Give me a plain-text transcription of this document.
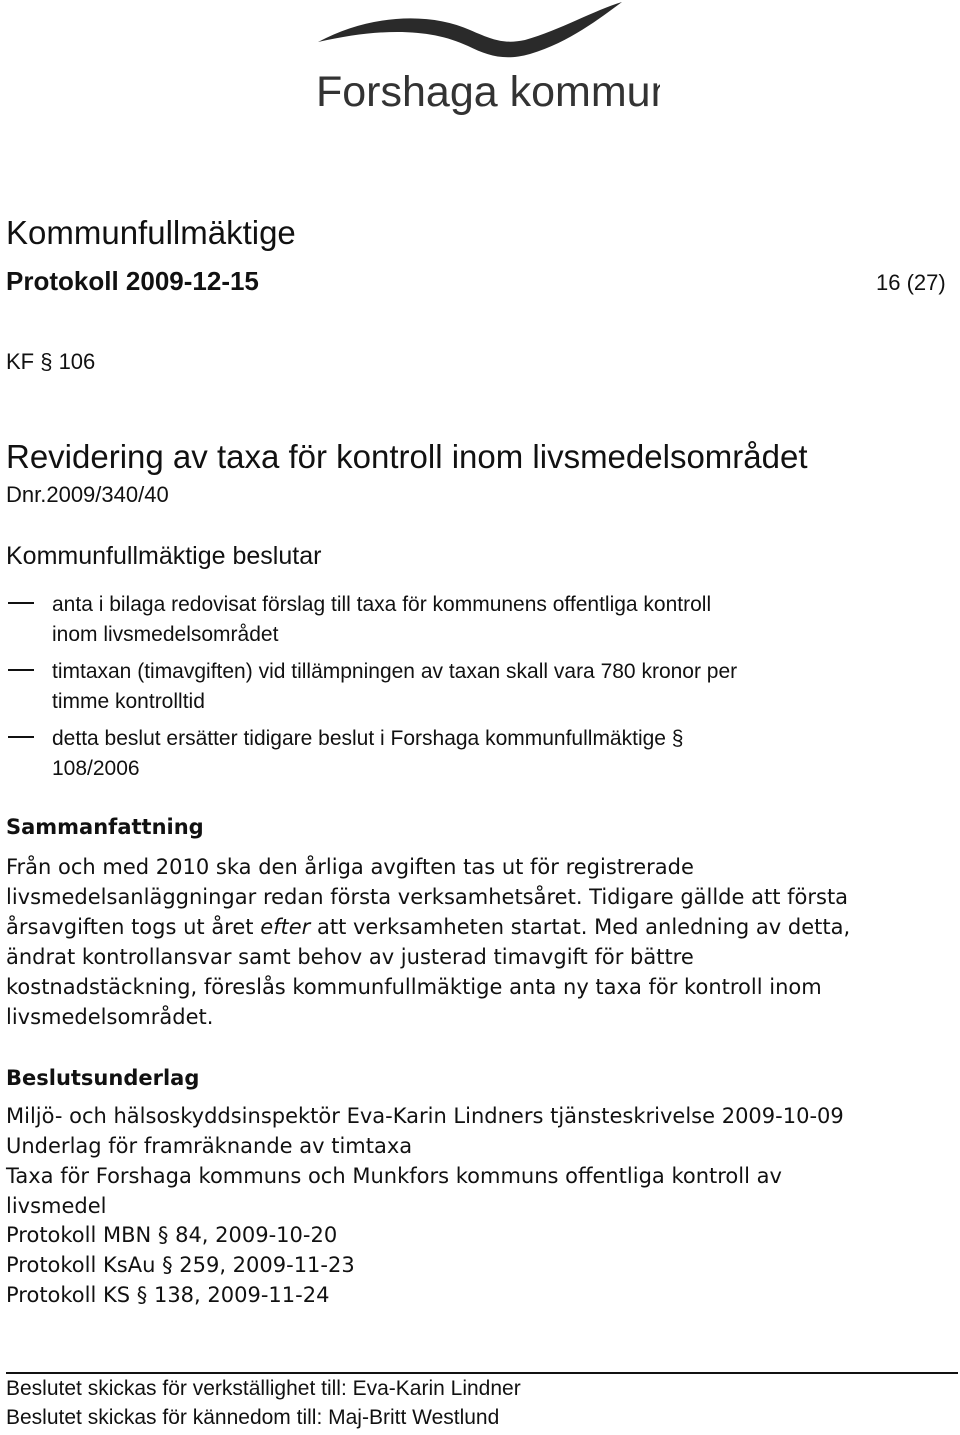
Forshaga kommun
Kommunfullmäktige
Protokoll 2009-12-15	16 (27)
KF § 106
Revidering av taxa för kontroll inom livsmedelsområdet
Dnr.2009/340/40
Kommunfullmäktige beslutar
anta i bilaga redovisat förslag till taxa för kommunens offentliga kontroll
inom livsmedelsområdet
timtaxan (timavgiften) vid tillämpningen av taxan skall vara 780 kronor per
timme kontrolltid
detta beslut ersätter tidigare beslut i Forshaga kommunfullmäktige §
108/2006
Sammanfattning
Från och med 2010 ska den årliga avgiften tas ut för registrerade
livsmedelsanläggningar redan första verksamhetsåret. Tidigare gällde att första
årsavgiften togs ut året efter att verksamheten startat. Med anledning av detta,
ändrat kontrollansvar samt behov av justerad timavgift för bättre
kostnadstäckning, föreslås kommunfullmäktige anta ny taxa för kontroll inom
livsmedelsområdet.
Beslutsunderlag
Miljö- och hälsoskyddsinspektör Eva-Karin Lindners tjänsteskrivelse 2009-10-09
Underlag för framräknande av timtaxa
Taxa för Forshaga kommuns och Munkfors kommuns offentliga kontroll av
livsmedel
Protokoll MBN § 84, 2009-10-20
Protokoll KsAu § 259, 2009-11-23
Protokoll KS § 138, 2009-11-24
Beslutet skickas för verkställighet till: Eva-Karin Lindner
Beslutet skickas för kännedom till: Maj-Britt Westlund
